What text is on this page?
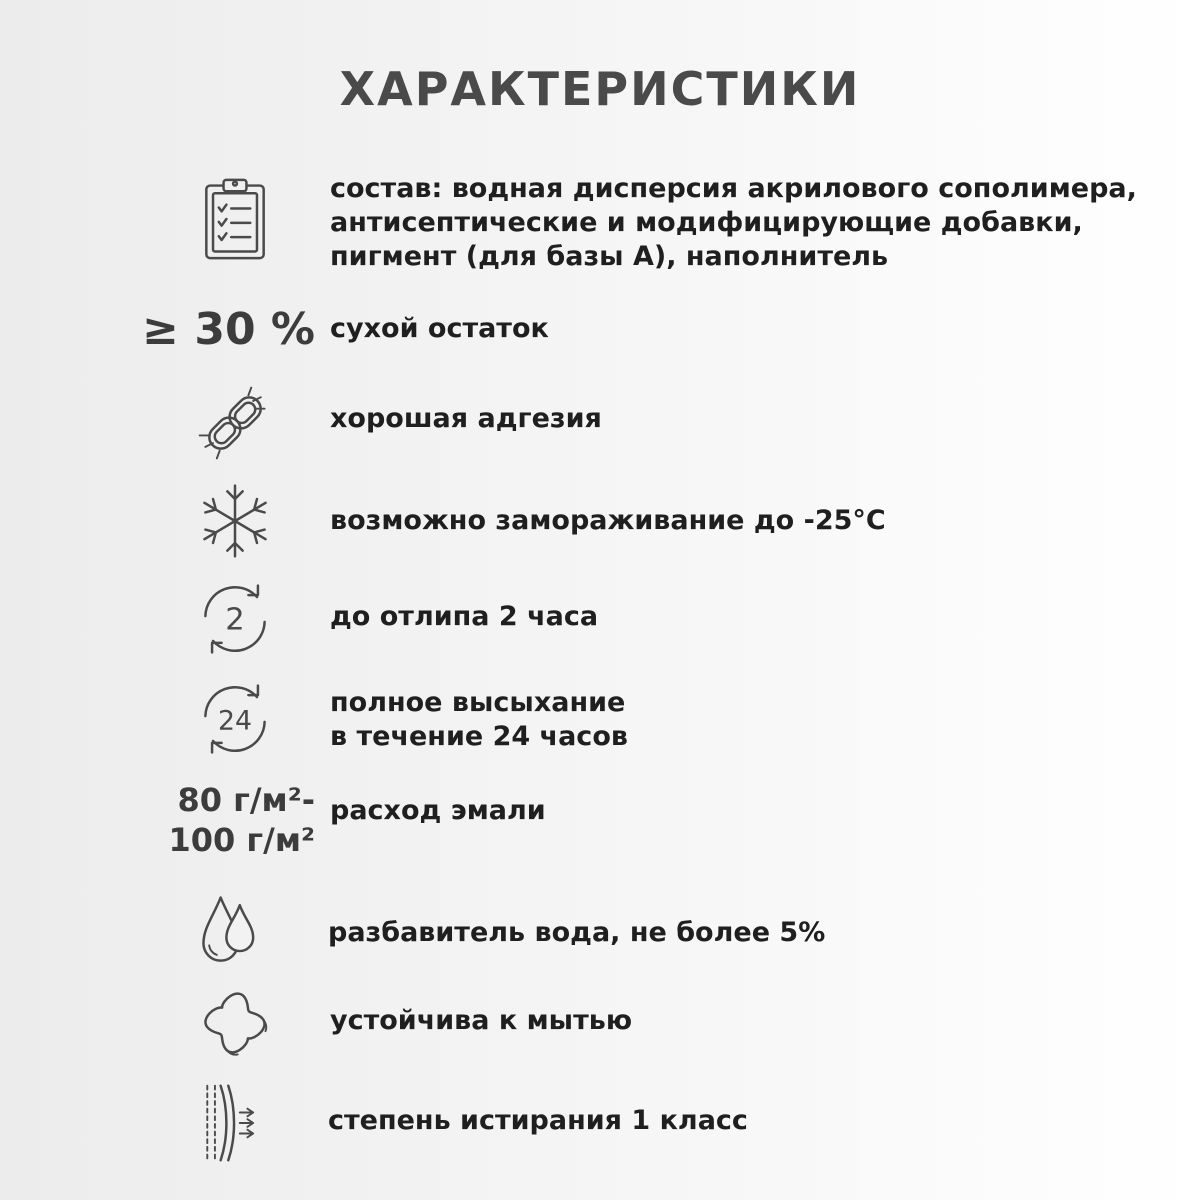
ХАРАКТЕРИСТИКИ
состав: водная дисперсия акрилового сополимера,
антисептические и модифицирующие добавки,
пигмент (для базы А), наполнитель
≥ 30 % сухой остаток
хорошая адгезия
возможно замораживание до -25°C
2	до отлипа 2 часа
24
полное высыхание
в течение 24 часов
80 г/м²-
100 г/м²
расход эмали
разбавитель вода, не более 5%
устойчива к мытью
степень истирания 1 класс
